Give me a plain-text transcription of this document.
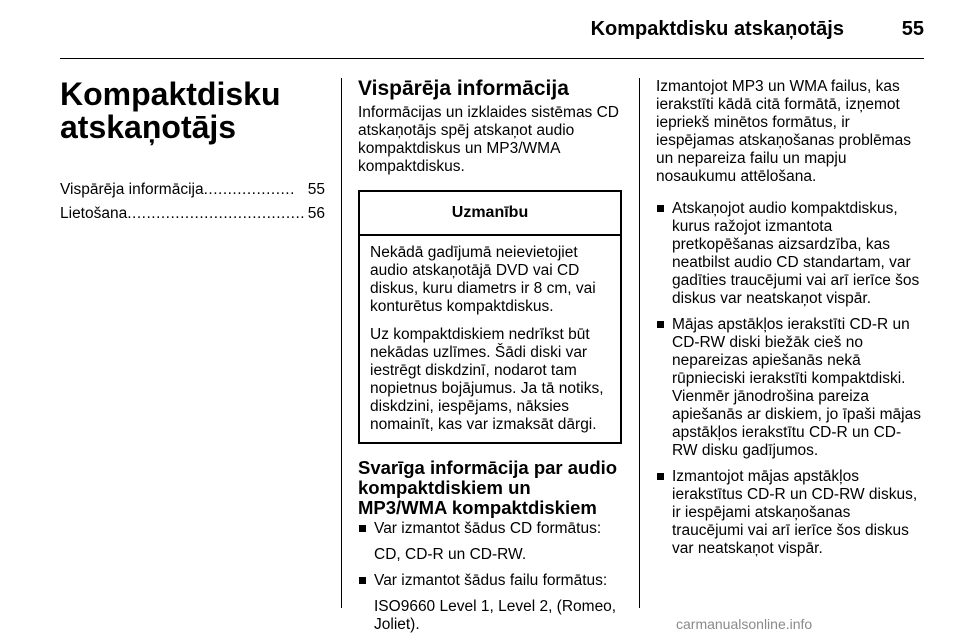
Kompaktdisku atskaņotājs	55
Kompaktdisku
atskaņotājs
Vispārēja informācija ................... 55
Lietošana ..................................... 56
Vispārēja informācija
Informācijas un izklaides sistēmas CD atskaņotājs spēj atskaņot audio kompaktdiskus un MP3/WMA kompaktdiskus.
Uzmanību
Nekādā gadījumā neievietojiet audio atskaņotājā DVD vai CD diskus, kuru diametrs ir 8 cm, vai konturētus kompaktdiskus.
Uz kompaktdiskiem nedrīkst būt nekādas uzlīmes. Šādi diski var iestrēgt diskdzinī, nodarot tam nopietnus bojājumus. Ja tā notiks, diskdzini, iespējams, nāksies nomainīt, kas var izmaksāt dārgi.
Svarīga informācija par audio kompaktdiskiem un MP3/WMA kompaktdiskiem
Var izmantot šādus CD formātus:
CD, CD-R un CD-RW.
Var izmantot šādus failu formātus:
ISO9660 Level 1, Level 2, (Romeo, Joliet).
Izmantojot MP3 un WMA failus, kas ierakstīti kādā citā formātā, izņemot iepriekš minētos formātus, ir iespējamas atskaņošanas problēmas un nepareiza failu un mapju nosaukumu attēlošana.
Atskaņojot audio kompaktdiskus, kurus ražojot izmantota pretkopēšanas aizsardzība, kas neatbilst audio CD standartam, var gadīties traucējumi vai arī ierīce šos diskus var neatskaņot vispār.
Mājas apstākļos ierakstīti CD-R un CD-RW diski biežāk cieš no nepareizas apiešanās nekā rūpnieciski ierakstīti kompaktdiski. Vienmēr jānodrošina pareiza apiešanās ar diskiem, jo īpaši mājas apstākļos ierakstītu CD-R un CD-RW disku gadījumos.
Izmantojot mājas apstākļos ierakstītus CD-R un CD-RW diskus, ir iespējami atskaņošanas traucējumi vai arī ierīce šos diskus var neatskaņot vispār.
carmanualsonline.info
